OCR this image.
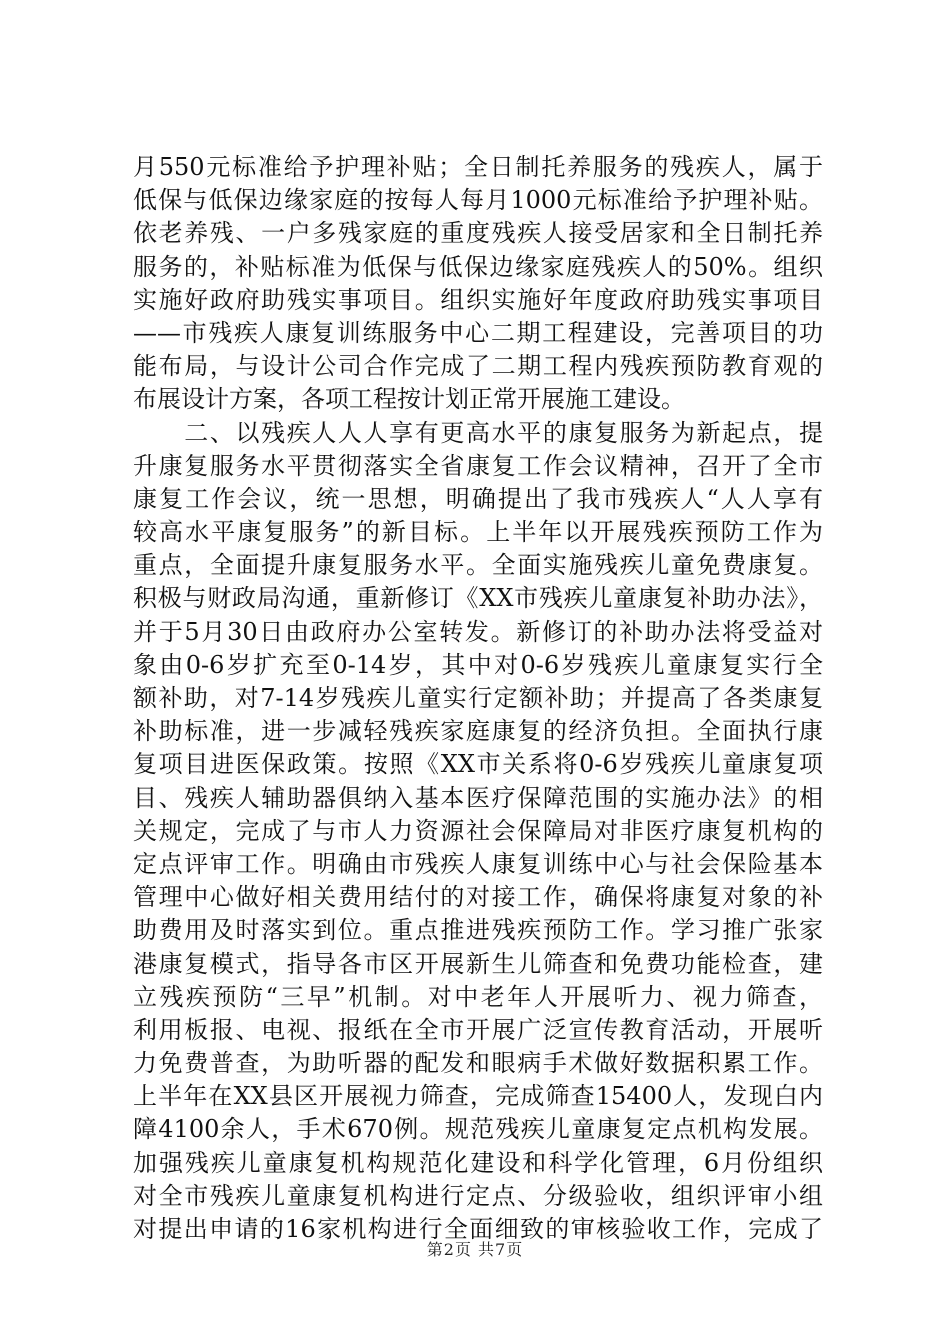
月550元标准给予护理补贴；全日制托养服务的残疾人，属于
低保与低保边缘家庭的按每人每月1000元标准给予护理补贴。
依老养残、一户多残家庭的重度残疾人接受居家和全日制托养
服务的，补贴标准为低保与低保边缘家庭残疾人的50%。组织
实施好政府助残实事项目。组织实施好年度政府助残实事项目
——市残疾人康复训练服务中心二期工程建设，完善项目的功
能布局，与设计公司合作完成了二期工程内残疾预防教育观的
布展设计方案，各项工程按计划正常开展施工建设。
　　二、以残疾人人人享有更高水平的康复服务为新起点，提
升康复服务水平贯彻落实全省康复工作会议精神，召开了全市
康复工作会议，统一思想，明确提出了我市残疾人“人人享有
较高水平康复服务”的新目标。上半年以开展残疾预防工作为
重点，全面提升康复服务水平。全面实施残疾儿童免费康复。
积极与财政局沟通，重新修订《XX市残疾儿童康复补助办法》，
并于5月30日由政府办公室转发。新修订的补助办法将受益对
象由0-6岁扩充至0-14岁，其中对0-6岁残疾儿童康复实行全
额补助，对7-14岁残疾儿童实行定额补助；并提高了各类康复
补助标准，进一步减轻残疾家庭康复的经济负担。全面执行康
复项目进医保政策。按照《XX市关系将0-6岁残疾儿童康复项
目、残疾人辅助器俱纳入基本医疗保障范围的实施办法》的相
关规定，完成了与市人力资源社会保障局对非医疗康复机构的
定点评审工作。明确由市残疾人康复训练中心与社会保险基本
管理中心做好相关费用结付的对接工作，确保将康复对象的补
助费用及时落实到位。重点推进残疾预防工作。学习推广张家
港康复模式，指导各市区开展新生儿筛查和免费功能检查，建
立残疾预防“三早”机制。对中老年人开展听力、视力筛查，
利用板报、电视、报纸在全市开展广泛宣传教育活动，开展听
力免费普查，为助听器的配发和眼病手术做好数据积累工作。
上半年在XX县区开展视力筛查，完成筛查15400人，发现白内
障4100余人，手术670例。规范残疾儿童康复定点机构发展。
加强残疾儿童康复机构规范化建设和科学化管理，6月份组织
对全市残疾儿童康复机构进行定点、分级验收，组织评审小组
对提出申请的16家机构进行全面细致的审核验收工作，完成了
第2页 共7页
